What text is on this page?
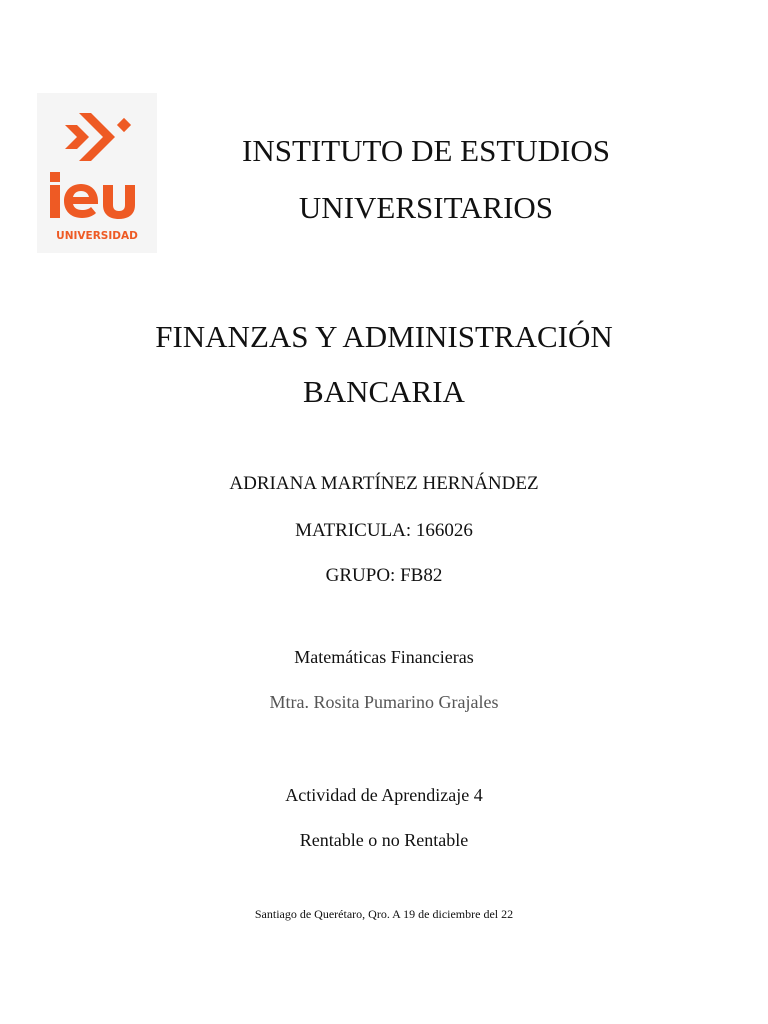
UNIVERSIDAD
INSTITUTO DE ESTUDIOS
UNIVERSITARIOS
FINANZAS Y ADMINISTRACIÓN
BANCARIA
ADRIANA MARTÍNEZ HERNÁNDEZ
MATRICULA: 166026
GRUPO: FB82
Matemáticas Financieras
Mtra. Rosita Pumarino Grajales
Actividad de Aprendizaje 4
Rentable o no Rentable
Santiago de Querétaro, Qro. A 19 de diciembre del 22
